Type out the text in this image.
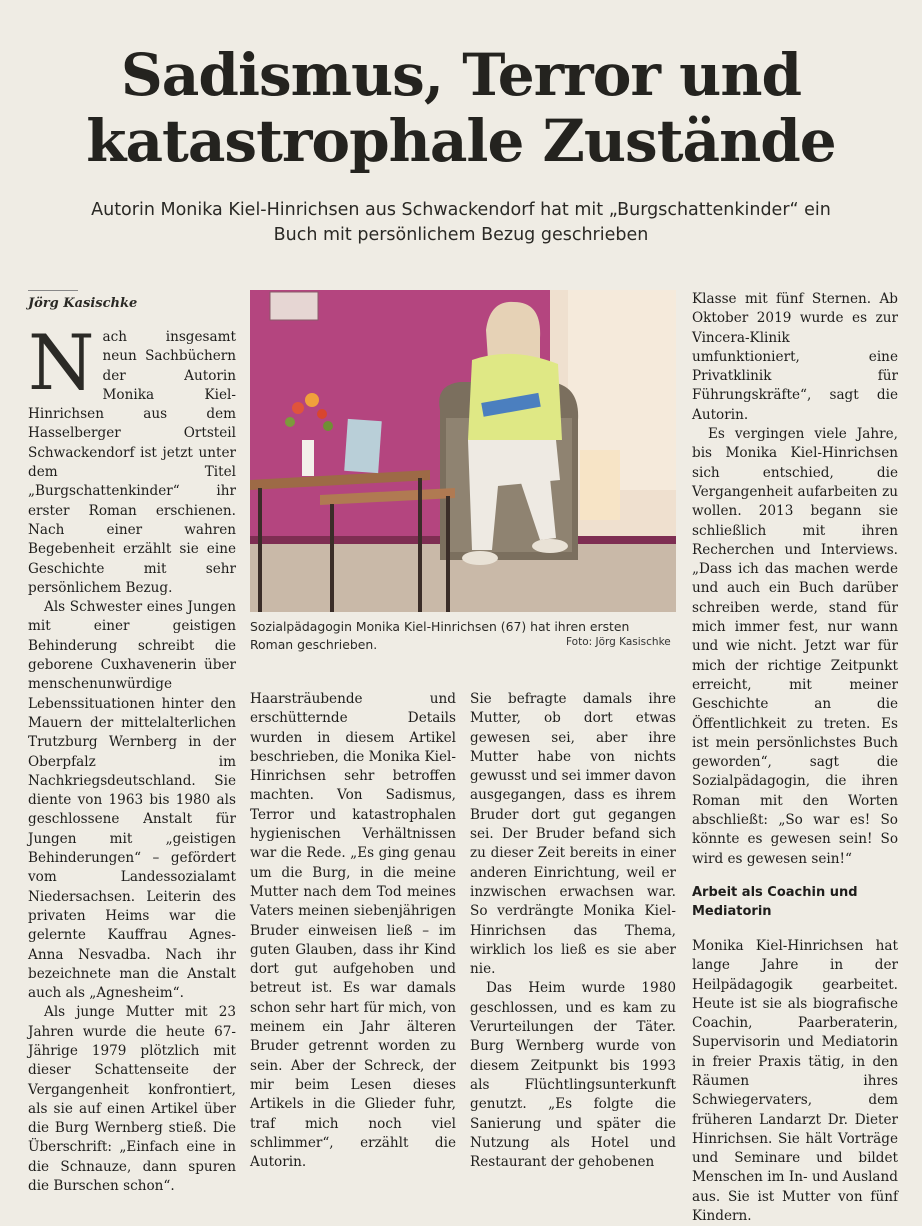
Sadismus, Terror und katastrophale Zustände

Autorin Monika Kiel-Hinrichsen aus Schwackendorf hat mit „Burgschattenkinder“ ein Buch mit persönlichem Bezug geschrieben

Jörg Kasischke

Nach insgesamt neun Sachbüchern der Autorin Monika Kiel-Hinrichsen aus dem Hasselberger Ortsteil Schwackendorf ist jetzt unter dem Titel „Burgschattenkinder“ ihr erster Roman erschienen. Nach einer wahren Begebenheit erzählt sie eine Geschichte mit sehr persönlichem Bezug.

Als Schwester eines Jungen mit einer geistigen Behinderung schreibt die geborene Cuxhavenerin über menschenunwürdige Lebenssituationen hinter den Mauern der mittelalterlichen Trutzburg Wernberg in der Oberpfalz im Nachkriegsdeutschland. Sie diente von 1963 bis 1980 als geschlossene Anstalt für Jungen mit „geistigen Behinderungen“ – gefördert vom Landessozialamt Niedersachsen. Leiterin des privaten Heims war die gelernte Kauffrau Agnes-Anna Nesvadba. Nach ihr bezeichnete man die Anstalt auch als „Agnesheim“.

Als junge Mutter mit 23 Jahren wurde die heute 67-Jährige 1979 plötzlich mit dieser Schattenseite der Vergangenheit konfrontiert, als sie auf einen Artikel über die Burg Wernberg stieß. Die Überschrift: „Einfach eine in die Schnauze, dann spuren die Burschen schon“.

Sozialpädagogin Monika Kiel-Hinrichsen (67) hat ihren ersten Roman geschrieben.	Foto: Jörg Kasischke

Haarsträubende und erschütternde Details wurden in diesem Artikel beschrieben, die Monika Kiel-Hinrichsen sehr betroffen machten. Von Sadismus, Terror und katastrophalen hygienischen Verhältnissen war die Rede. „Es ging genau um die Burg, in die meine Mutter nach dem Tod meines Vaters meinen siebenjährigen Bruder einweisen ließ – im guten Glauben, dass ihr Kind dort gut aufgehoben und betreut ist. Es war damals schon sehr hart für mich, von meinem ein Jahr älteren Bruder getrennt worden zu sein. Aber der Schreck, der mir beim Lesen dieses Artikels in die Glieder fuhr, traf mich noch viel schlimmer“, erzählt die Autorin.

Sie befragte damals ihre Mutter, ob dort etwas gewesen sei, aber ihre Mutter habe von nichts gewusst und sei immer davon ausgegangen, dass es ihrem Bruder dort gut gegangen sei. Der Bruder befand sich zu dieser Zeit bereits in einer anderen Einrichtung, weil er inzwischen erwachsen war. So verdrängte Monika Kiel-Hinrichsen das Thema, wirklich los ließ es sie aber nie.

Das Heim wurde 1980 geschlossen, und es kam zu Verurteilungen der Täter. Burg Wernberg wurde von diesem Zeitpunkt bis 1993 als Flüchtlingsunterkunft genutzt. „Es folgte die Sanierung und später die Nutzung als Hotel und Restaurant der gehobenen

Klasse mit fünf Sternen. Ab Oktober 2019 wurde es zur Vincera-Klinik umfunktioniert, eine Privatklinik für Führungskräfte“, sagt die Autorin.

Es vergingen viele Jahre, bis Monika Kiel-Hinrichsen sich entschied, die Vergangenheit aufarbeiten zu wollen. 2013 begann sie schließlich mit ihren Recherchen und Interviews. „Dass ich das machen werde und auch ein Buch darüber schreiben werde, stand für mich immer fest, nur wann und wie nicht. Jetzt war für mich der richtige Zeitpunkt erreicht, mit meiner Geschichte an die Öffentlichkeit zu treten. Es ist mein persönlichstes Buch geworden“, sagt die Sozialpädagogin, die ihren Roman mit den Worten abschließt: „So war es! So könnte es gewesen sein! So wird es gewesen sein!“

Arbeit als Coachin und Mediatorin

Monika Kiel-Hinrichsen hat lange Jahre in der Heilpädagogik gearbeitet. Heute ist sie als biografische Coachin, Paarberaterin, Supervisorin und Mediatorin in freier Praxis tätig, in den Räumen ihres Schwiegervaters, dem früheren Landarzt Dr. Dieter Hinrichsen. Sie hält Vorträge und Seminare und bildet Menschen im In- und Ausland aus. Sie ist Mutter von fünf Kindern.
